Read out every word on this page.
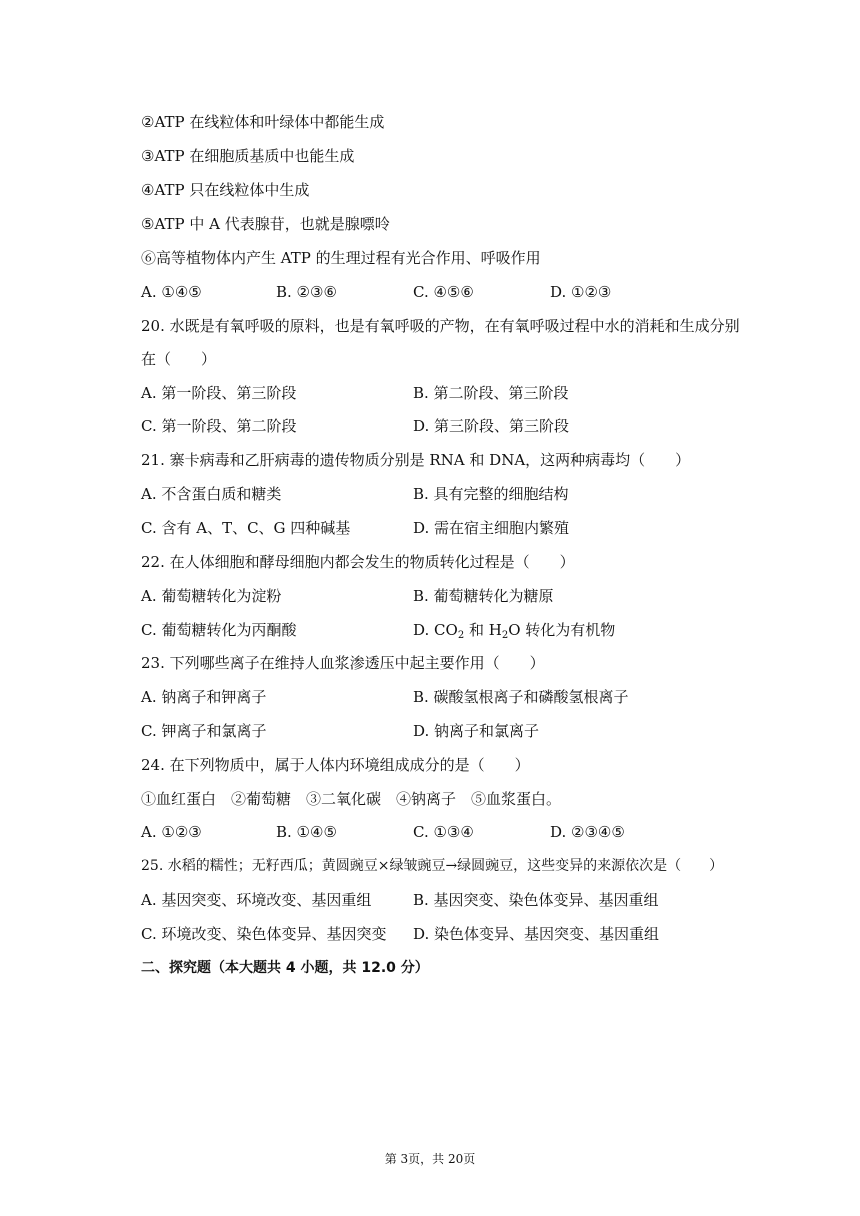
②ATP 在线粒体和叶绿体中都能生成
③ATP 在细胞质基质中也能生成
④ATP 只在线粒体中生成
⑤ATP 中 A 代表腺苷，也就是腺嘌呤
⑥高等植物体内产生 ATP 的生理过程有光合作用、呼吸作用
A. ①④⑤	B. ②③⑥	C. ④⑤⑥	D. ①②③
20. 水既是有氧呼吸的原料，也是有氧呼吸的产物，在有氧呼吸过程中水的消耗和生成分别
在（　　）
A. 第一阶段、第三阶段	B. 第二阶段、第三阶段
C. 第一阶段、第二阶段	D. 第三阶段、第三阶段
21. 寨卡病毒和乙肝病毒的遗传物质分别是 RNA 和 DNA，这两种病毒均（　　）
A. 不含蛋白质和糖类	B. 具有完整的细胞结构
C. 含有 A、T、C、G 四种碱基	D. 需在宿主细胞内繁殖
22. 在人体细胞和酵母细胞内都会发生的物质转化过程是（　　）
A. 葡萄糖转化为淀粉	B. 葡萄糖转化为糖原
C. 葡萄糖转化为丙酮酸	D. $CO_2$ 和 $H_2O$ 转化为有机物
23. 下列哪些离子在维持人血浆渗透压中起主要作用（　　）
A. 钠离子和钾离子	B. 碳酸氢根离子和磷酸氢根离子
C. 钾离子和氯离子	D. 钠离子和氯离子
24. 在下列物质中，属于人体内环境组成成分的是（　　）
①血红蛋白　②葡萄糖　③二氧化碳　④钠离子　⑤血浆蛋白。
A. ①②③	B. ①④⑤	C. ①③④	D. ②③④⑤
25. 水稻的糯性；无籽西瓜；黄圆豌豆×绿皱豌豆→绿圆豌豆，这些变异的来源依次是（　　）
A. 基因突变、环境改变、基因重组	B. 基因突变、染色体变异、基因重组
C. 环境改变、染色体变异、基因突变 D. 染色体变异、基因突变、基因重组
二、探究题（本大题共 4 小题，共 12.0 分）
第 3页，共 20页
